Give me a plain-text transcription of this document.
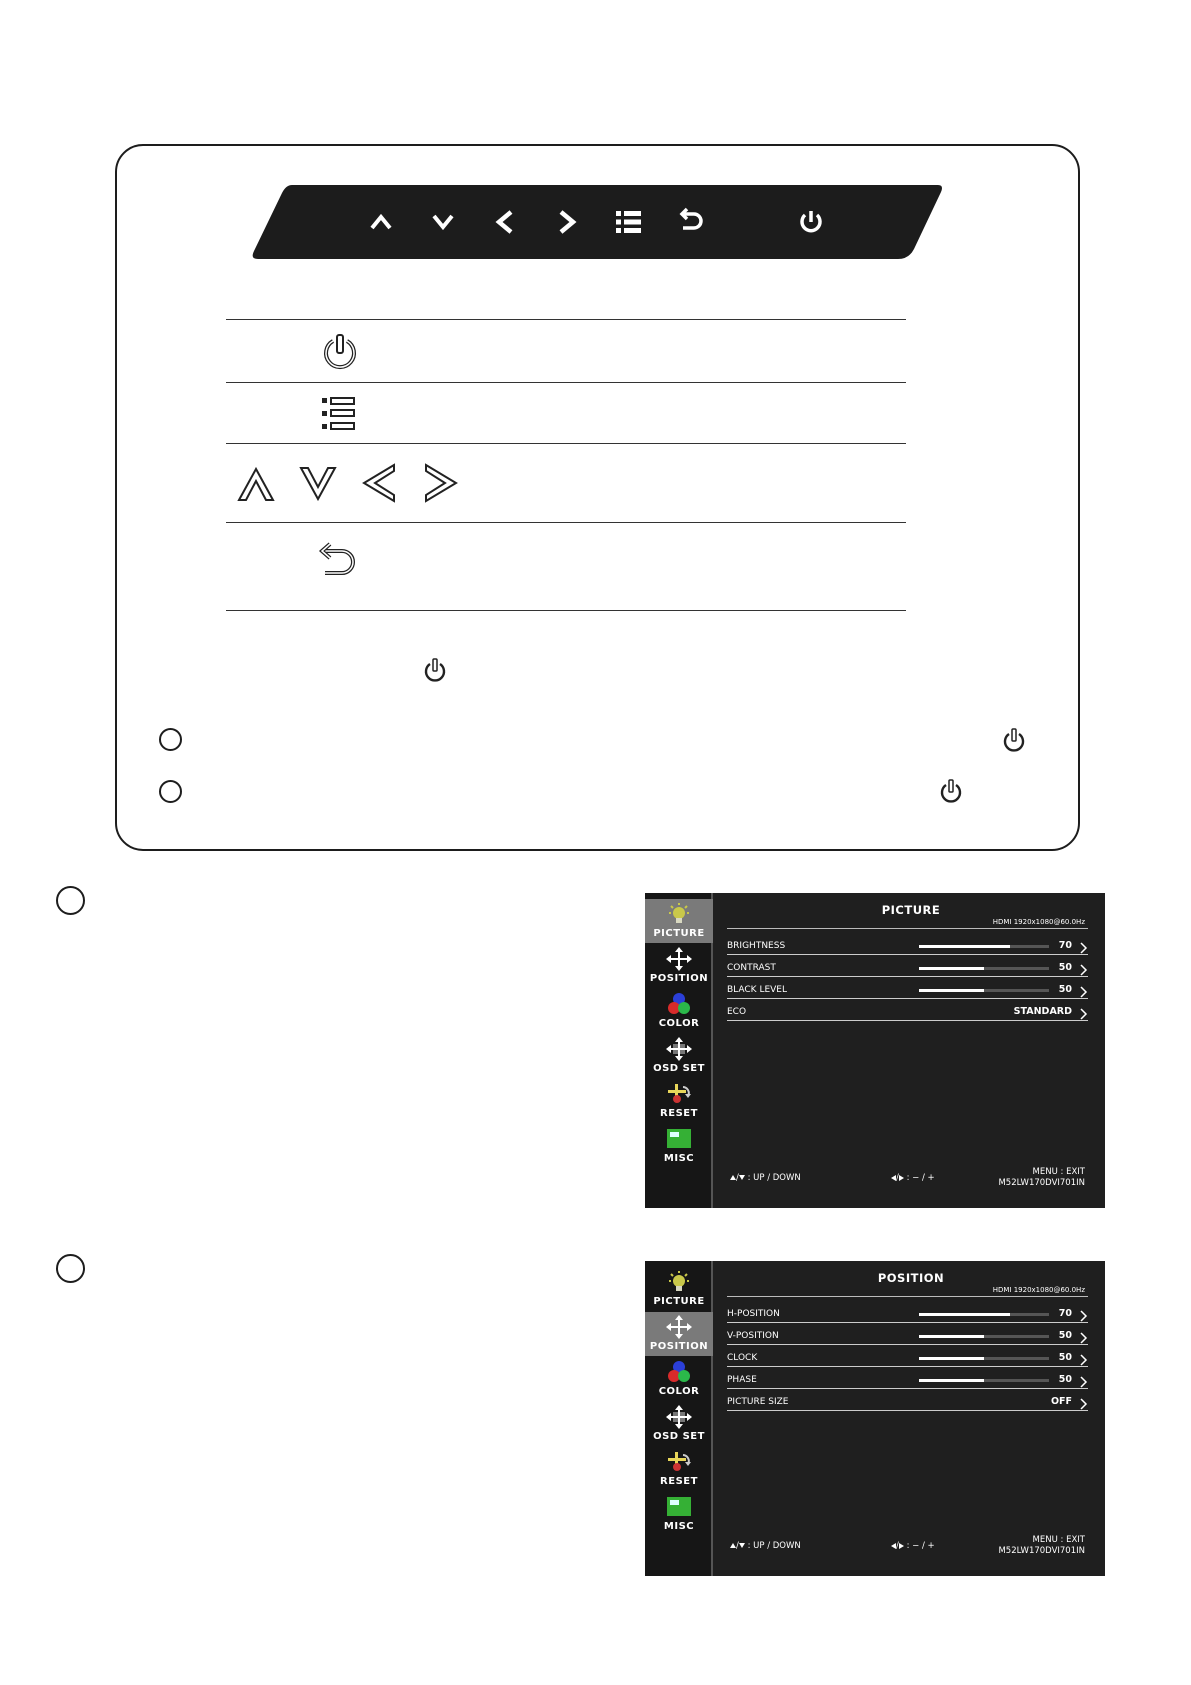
PICTURE
POSITION
COLOR
OSD SET
RESET
MISC
PICTURE
HDMI 1920x1080@60.0Hz
BRIGHTNESS	70
CONTRAST	50
BLACK LEVEL	50
ECO	STANDARD
/ : UP / DOWN	/ : − / +
MENU : EXIT
M52LW170DVI701IN
PICTURE
POSITION
COLOR
OSD SET
RESET
MISC
POSITION
HDMI 1920x1080@60.0Hz
H-POSITION	70
V-POSITION	50
CLOCK	50
PHASE	50
PICTURE SIZE	OFF
/ : UP / DOWN	/ : − / +
MENU : EXIT
M52LW170DVI701IN
